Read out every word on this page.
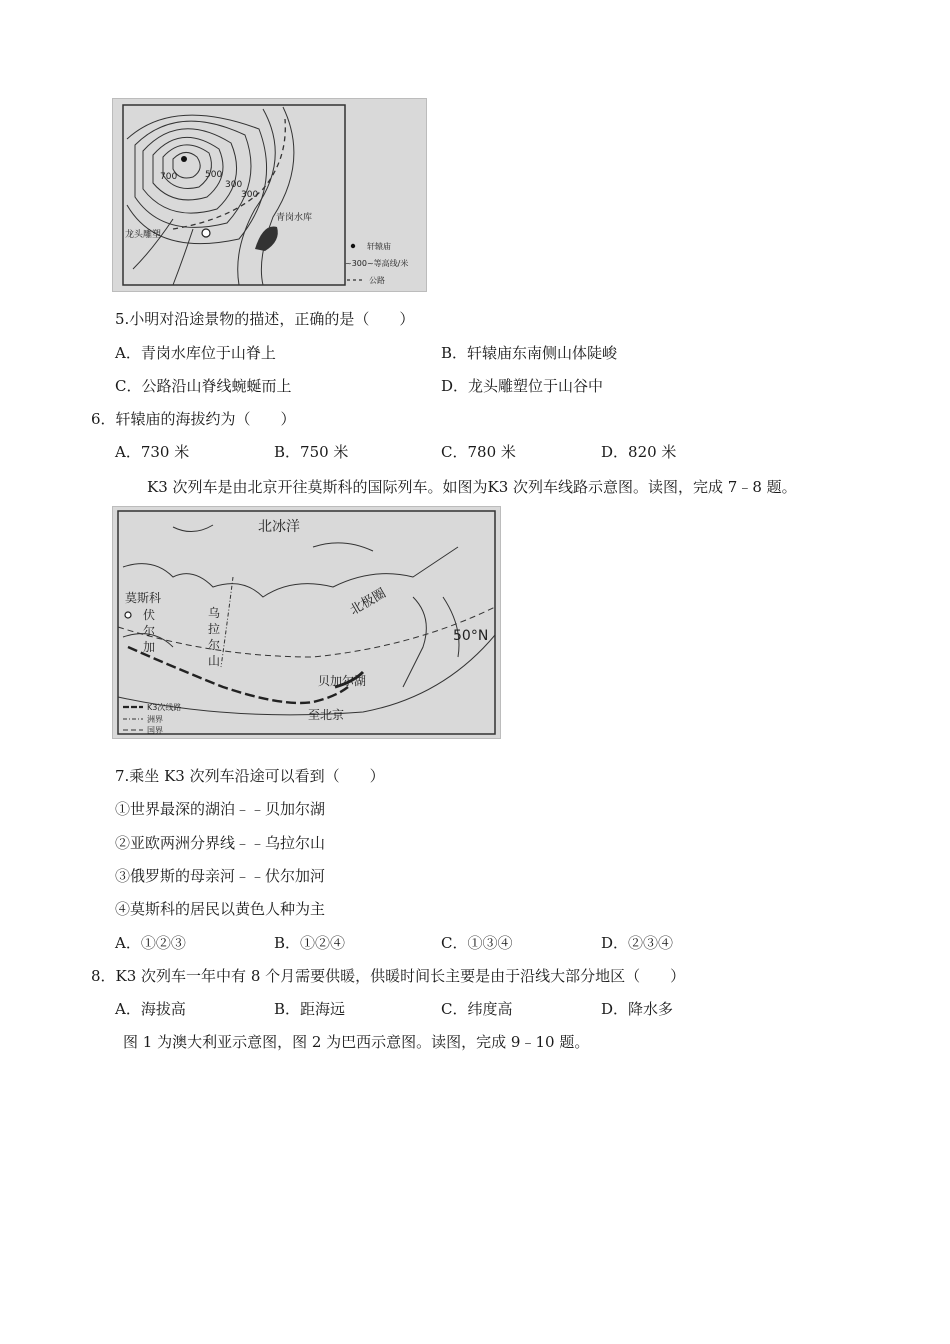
700	500
300
300
青岗水库
龙头雕塑
轩辕庙
~300~等高线/米
公路
5.小明对沿途景物的描述，正确的是（　　）
A．青岗水库位于山脊上	B．轩辕庙东南侧山体陡峻
C．公路沿山脊线蜿蜒而上	D．龙头雕塑位于山谷中
6．轩辕庙的海拔约为（　　）
A．730 米	B．750 米	C．780 米	D．820 米
K3 次列车是由北京开往莫斯科的国际列车。如图为K3 次列车线路示意图。读图，完成 7﹣8 题。
北冰洋
莫斯科
伏
尔
加
乌
拉
尔
山
北极圈
50°N
贝加尔湖
至北京
K3次线路
洲界
国界
7.乘坐 K3 次列车沿途可以看到（　　）
①世界最深的湖泊﹣﹣贝加尔湖
②亚欧两洲分界线﹣﹣乌拉尔山
③俄罗斯的母亲河﹣﹣伏尔加河
④莫斯科的居民以黄色人种为主
A．①②③	B．①②④	C．①③④	D．②③④
8．K3 次列车一年中有 8 个月需要供暖，供暖时间长主要是由于沿线大部分地区（　　）
A．海拔高	B．距海远	C．纬度高	D．降水多
图 1 为澳大利亚示意图，图 2 为巴西示意图。读图，完成 9﹣10 题。
